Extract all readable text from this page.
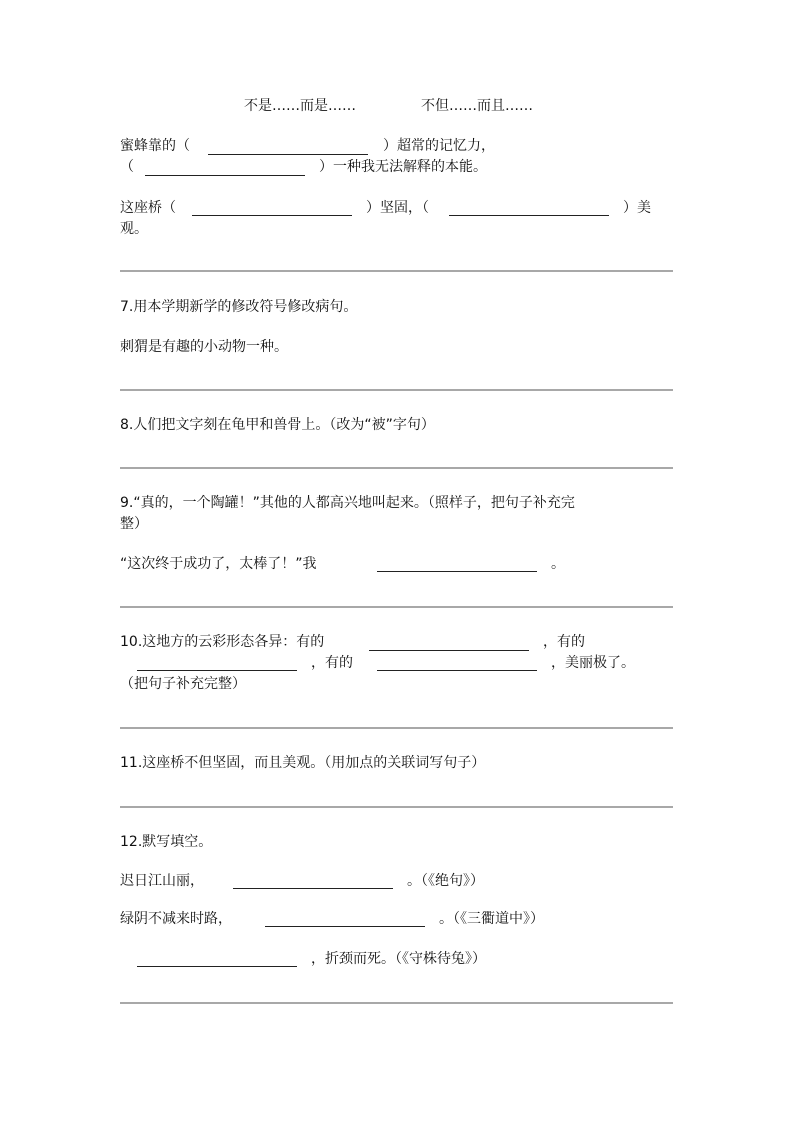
不是……而是……	不但……而且……
蜜蜂靠的（	）超常的记忆力，
（	）一种我无法解释的本能。
这座桥（	）坚固，（	）美
观。
7.用本学期新学的修改符号修改病句。
刺猬是有趣的小动物一种。
8.人们把文字刻在龟甲和兽骨上。（改为“被”字句）
9.“真的，一个陶罐！”其他的人都高兴地叫起来。（照样子，把句子补充完
整）
“这次终于成功了，太棒了！”我	。
10.这地方的云彩形态各异：有的	，有的
，有的	，美丽极了。
（把句子补充完整）
11.这座桥不但坚固，而且美观。（用加点的关联词写句子）
12.默写填空。
迟日江山丽，	。（《绝句》）
绿阴不减来时路，	。（《三衢道中》）
，折颈而死。（《守株待兔》）
